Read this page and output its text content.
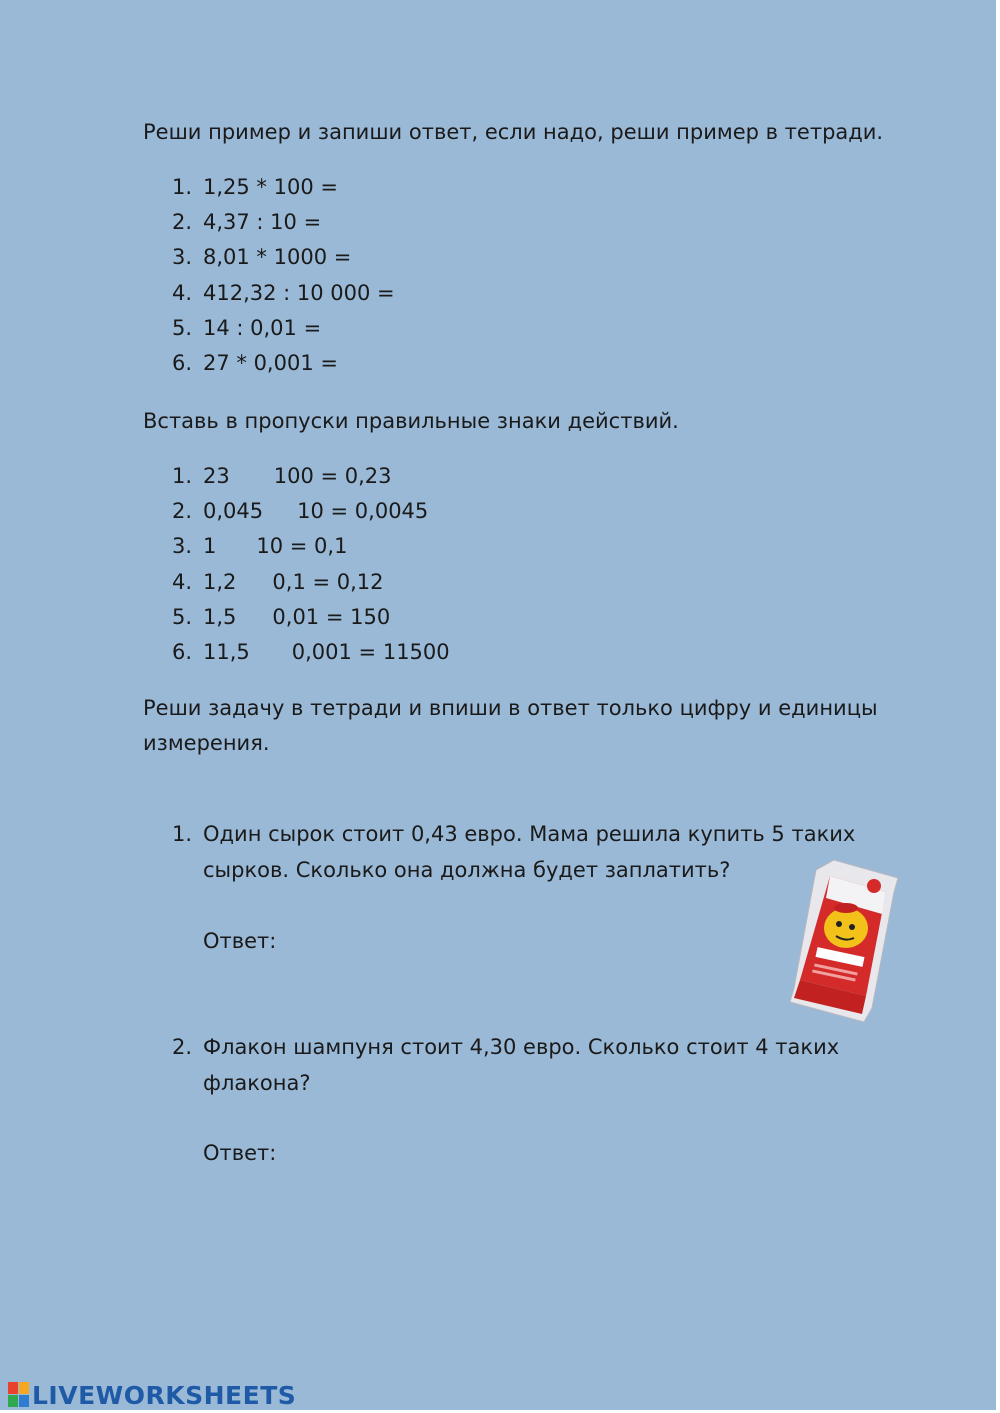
Реши пример и запиши ответ, если надо, реши пример в тетради.

1. 1,25 * 100 =
2. 4,37 : 10 =
3. 8,01 * 1000 =
4. 412,32 : 10 000 =
5. 14 : 0,01 =
6. 27 * 0,001 =

Вставь в пропуски правильные знаки действий.

1. 23 100 = 0,23
2. 0,045 10 = 0,0045
3. 1 10 = 0,1
4. 1,2 0,1 = 0,12
5. 1,5 0,01 = 150
6. 11,5 0,001 = 11500

Реши задачу в тетради и впиши в ответ только цифру и единицы

измерения.

1. Один сырок стоит 0,43 евро. Мама решила купить 5 таких
сырков. Сколько она должна будет заплатить?
Ответ:
2. Флакон шампуня стоит 4,30 евро. Сколько стоит 4 таких
флакона?
Ответ:
LIVEWORKSHEETS
